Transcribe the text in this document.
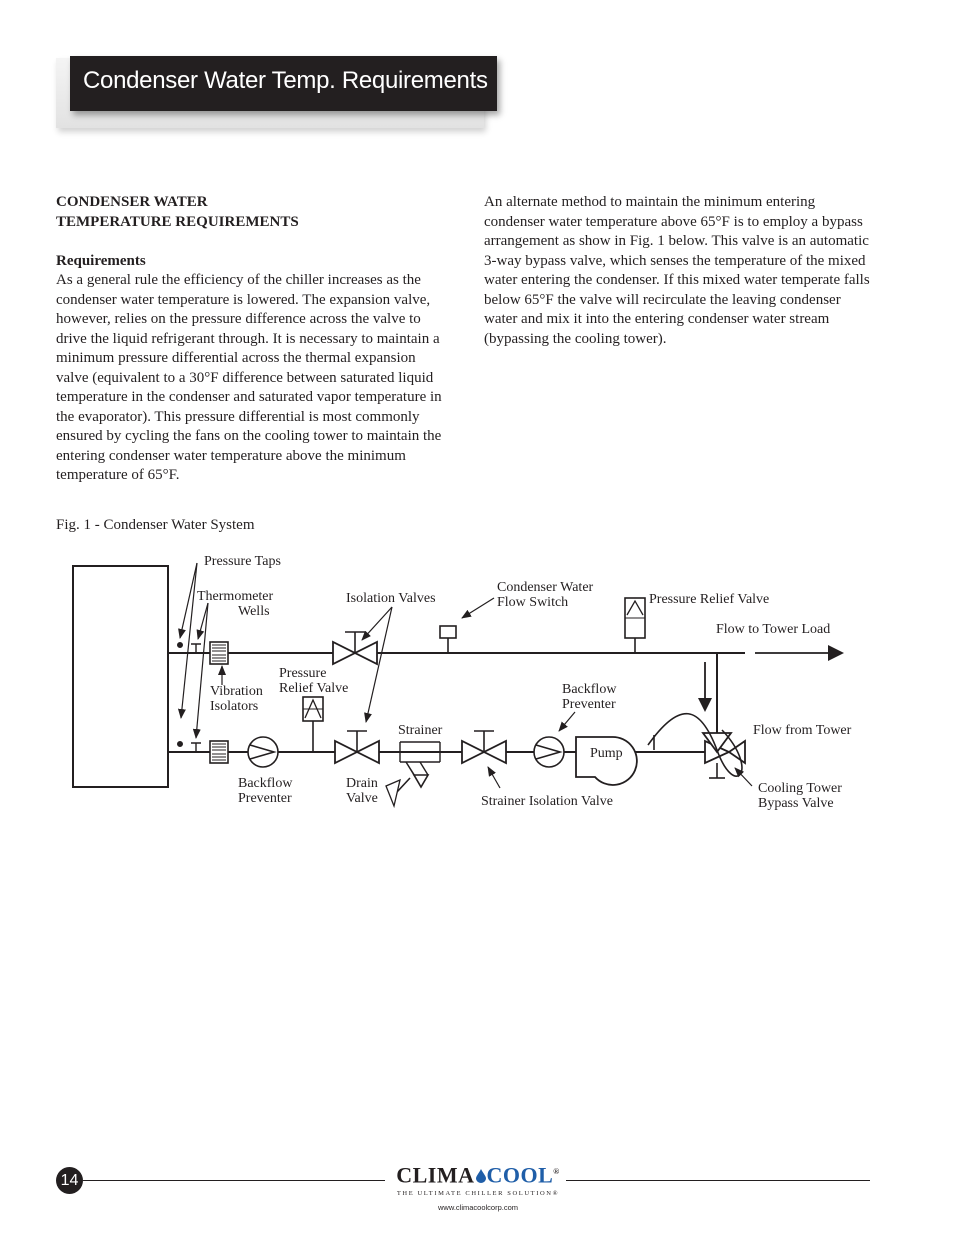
Condenser Water Temp. Requirements
CONDENSER WATER
TEMPERATURE REQUIREMENTS
Requirements
As a general rule the efficiency of the chiller increases as the condenser water temperature is lowered. The expansion valve, however, relies on the pressure difference across the valve to drive the liquid refrigerant through. It is necessary to maintain a minimum pressure differential across the thermal expansion valve (equivalent to a 30°F difference between saturated liquid temperature in the condenser and saturated vapor temperature in the evaporator). This pressure differential is most commonly ensured by cycling the fans on the cooling tower to maintain the entering condenser water temperature above the minimum temperature of 65°F.
An alternate method to maintain the minimum entering condenser water temperature above 65°F is to employ a bypass arrangement as show in Fig. 1 below. This valve is an automatic 3-way bypass valve, which senses the temperature of the mixed water entering the condenser. If this mixed water temperate falls below 65°F the valve will recirculate the leaving condenser water and mix it into the entering condenser water stream (bypassing the cooling tower).
Fig. 1 - Condenser Water System
Pressure Taps
Thermometer
Wells
Isolation Valves
Condenser Water
Flow Switch	Pressure Relief Valve
Flow to Tower Load
Pressure
Relief Valve
Vibration
Isolators
Backflow
Preventer
Strainer
Pump
Flow from Tower
Backflow
Preventer
Drain
Valve	Strainer Isolation Valve
Cooling Tower
Bypass Valve
14	CLIMA COOL®
THE ULTIMATE CHILLER SOLUTION®
www.climacoolcorp.com
